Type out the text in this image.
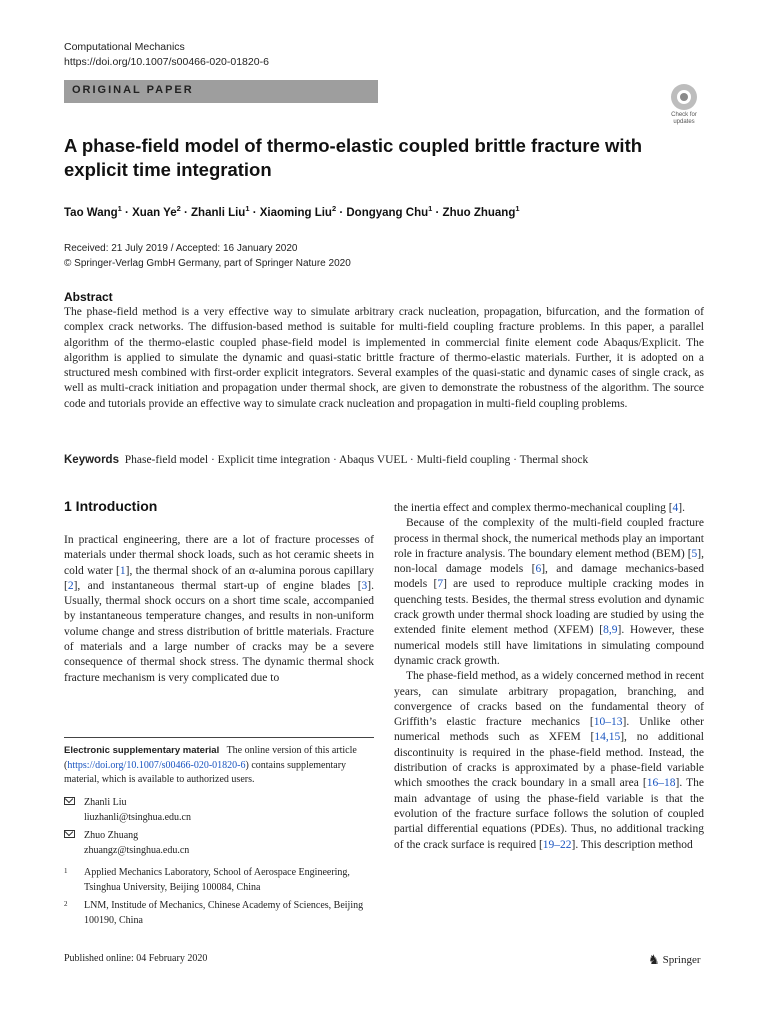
Computational Mechanics
https://doi.org/10.1007/s00466-020-01820-6
ORIGINAL PAPER
Check for
updates
A phase-field model of thermo-elastic coupled brittle fracture with explicit time integration
Tao Wang$^1$ · Xuan $Ye^2$ · Zhanli Liu$^1$ · Xiaoming Liu$^2$ · Dongyang Chu$^1$ · Zhuo Zhuang$^1$
Received: 21 July 2019 / Accepted: 16 January 2020
© Springer-Verlag GmbH Germany, part of Springer Nature 2020
Abstract
The phase-field method is a very effective way to simulate arbitrary crack nucleation, propagation, bifurcation, and the formation of complex crack networks. The diffusion-based method is suitable for multi-field coupling fracture problems. In this paper, a parallel algorithm of the thermo-elastic coupled phase-field model is implemented in commercial finite element code Abaqus/Explicit. The algorithm is applied to simulate the dynamic and quasi-static brittle fracture of thermo-elastic materials. Further, it is adopted on a structured mesh combined with first-order explicit integrators. Several examples of the quasi-static and dynamic cases of single crack, as well as multi-crack initiation and propagation under thermal shock, are given to demonstrate the robustness of the algorithm. The source code and tutorials provide an effective way to simulate crack nucleation and propagation in multi-field coupling problems.
Keywords Phase-field model · Explicit time integration · Abaqus VUEL · Multi-field coupling · Thermal shock
1 Introduction

In practical engineering, there are a lot of fracture processes of materials under thermal shock loads, such as hot ceramic sheets in cold water [1], the thermal shock of an α-alumina porous capillary [2], and instantaneous thermal start-up of engine blades [3]. Usually, thermal shock occurs on a short time scale, accompanied by instantaneous temperature changes, and results in non-uniform volume change and stress distribution of brittle materials. Fracture of materials and a large number of cracks may be a severe consequence of thermal shock stress. The dynamic thermal shock fracture mechanism is very complicated due to

the inertia effect and complex thermo-mechanical coupling [4].

Because of the complexity of the multi-field coupled fracture process in thermal shock, the numerical methods play an important role in fracture analysis. The boundary element method (BEM) [5], non-local damage models [6], and damage mechanics-based models [7] are used to reproduce multiple cracking modes in quenching tests. Besides, the thermal stress evolution and dynamic crack growth under thermal shock loading are studied by using the extended finite element method (XFEM) [8,9]. However, these numerical models still have limitations in simulating compound dynamic crack growth.

The phase-field method, as a widely concerned method in recent years, can simulate arbitrary propagation, branching, and convergence of cracks based on the fundamental theory of Griffith’s elastic fracture mechanics [10–13]. Unlike other numerical methods such as XFEM [14,15], no additional discontinuity is required in the phase-field method. Instead, the distribution of cracks is approximated by a phase-field variable which smoothes the crack boundary in a small area [16–18]. The main advantage of using the phase-field variable is that the evolution of the fracture surface follows the solution of coupled partial differential equations (PDEs). Thus, no additional tracking of the crack surface is required [19–22]. This description method

Electronic supplementary material The online version of this article (https://doi.org/10.1007/s00466-020-01820-6) contains supplementary material, which is available to authorized users.
Zhanli Liu
liuzhanli@tsinghua.edu.cn
Zhuo Zhuang
zhuangz@tsinghua.edu.cn
1 Applied Mechanics Laboratory, School of Aerospace Engineering, Tsinghua University, Beijing 100084, China
2 LNM, Institude of Mechanics, Chinese Academy of Sciences, Beijing 100190, China
Published online: 04 February 2020	♞ Springer
